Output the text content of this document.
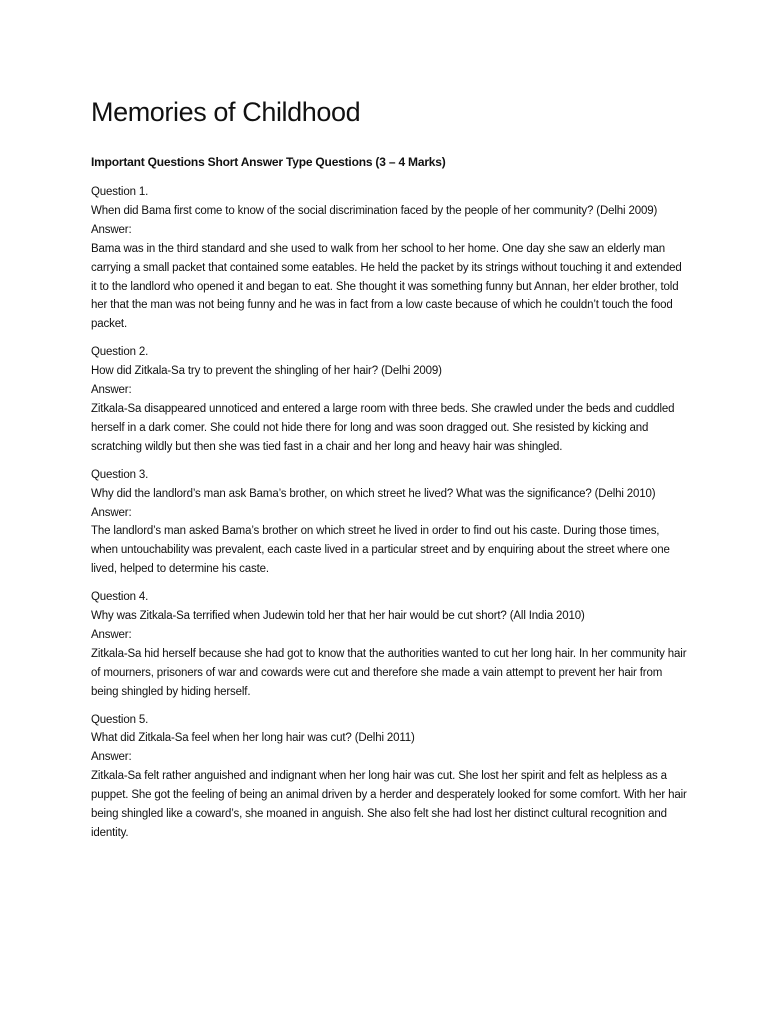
Memories of Childhood
Important Questions Short Answer Type Questions (3 – 4 Marks)

Question 1.

When did Bama first come to know of the social discrimination faced by the people of her community? (Delhi 2009)

Answer:

Bama was in the third standard and she used to walk from her school to her home. One day she saw an elderly man carrying a small packet that contained some eatables. He held the packet by its strings without touching it and extended it to the landlord who opened it and began to eat. She thought it was something funny but Annan, her elder brother, told her that the man was not being funny and he was in fact from a low caste because of which he couldn’t touch the food packet.

Question 2.

How did Zitkala-Sa try to prevent the shingling of her hair? (Delhi 2009)

Answer:

Zitkala-Sa disappeared unnoticed and entered a large room with three beds. She crawled under the beds and cuddled herself in a dark comer. She could not hide there for long and was soon dragged out. She resisted by kicking and scratching wildly but then she was tied fast in a chair and her long and heavy hair was shingled.

Question 3.

Why did the landlord’s man ask Bama’s brother, on which street he lived? What was the significance? (Delhi 2010)

Answer:

The landlord’s man asked Bama’s brother on which street he lived in order to find out his caste. During those times, when untouchability was prevalent, each caste lived in a particular street and by enquiring about the street where one lived, helped to determine his caste.

Question 4.

Why was Zitkala-Sa terrified when Judewin told her that her hair would be cut short? (All India 2010)

Answer:

Zitkala-Sa hid herself because she had got to know that the authorities wanted to cut her long hair. In her community hair of mourners, prisoners of war and cowards were cut and therefore she made a vain attempt to prevent her hair from being shingled by hiding herself.

Question 5.

What did Zitkala-Sa feel when her long hair was cut? (Delhi 2011)

Answer:

Zitkala-Sa felt rather anguished and indignant when her long hair was cut. She lost her spirit and felt as helpless as a puppet. She got the feeling of being an animal driven by a herder and desperately looked for some comfort. With her hair being shingled like a coward’s, she moaned in anguish. She also felt she had lost her distinct cultural recognition and identity.
